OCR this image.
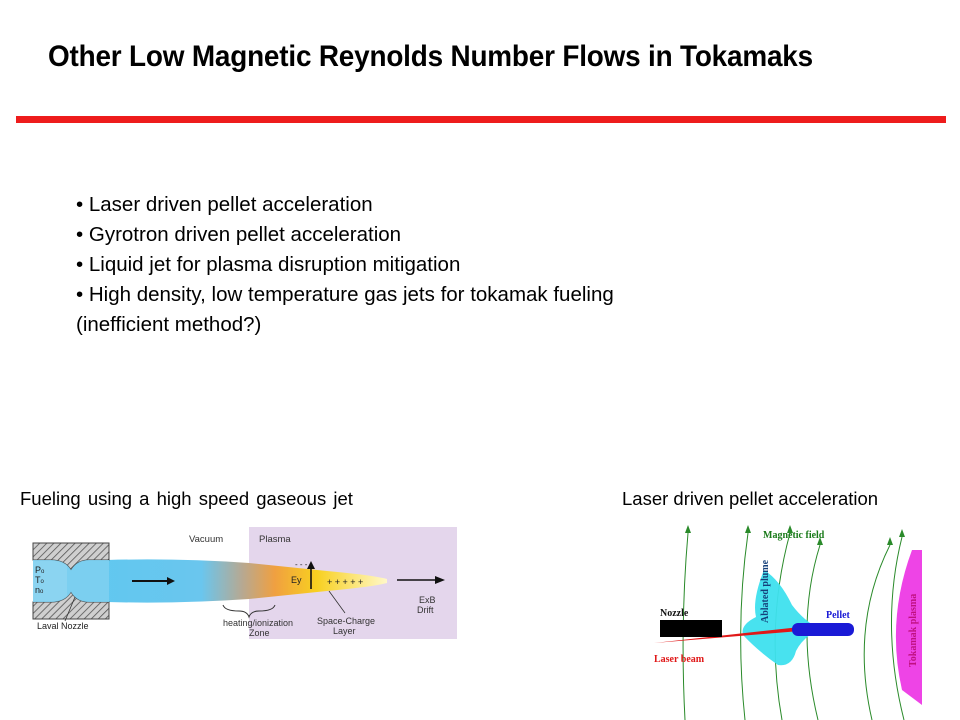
Other Low Magnetic Reynolds Number Flows in Tokamaks
• Laser driven pellet acceleration
• Gyrotron driven pellet acceleration
• Liquid jet for plasma disruption mitigation
• High density, low temperature gas jets for tokamak fueling
(inefficient method?)
Fueling using a high speed gaseous jet	Laser driven pellet acceleration
Po
To
no
Laval Nozzle
Vacuum	Plasma
Ey
- - -
+ + + + +
ExB
Drift
heating/ionization
Zone
Space-Charge
Layer
Magnetic field
Tokamak plasma
Ablated plume
Laser beam
Nozzle	Pellet
